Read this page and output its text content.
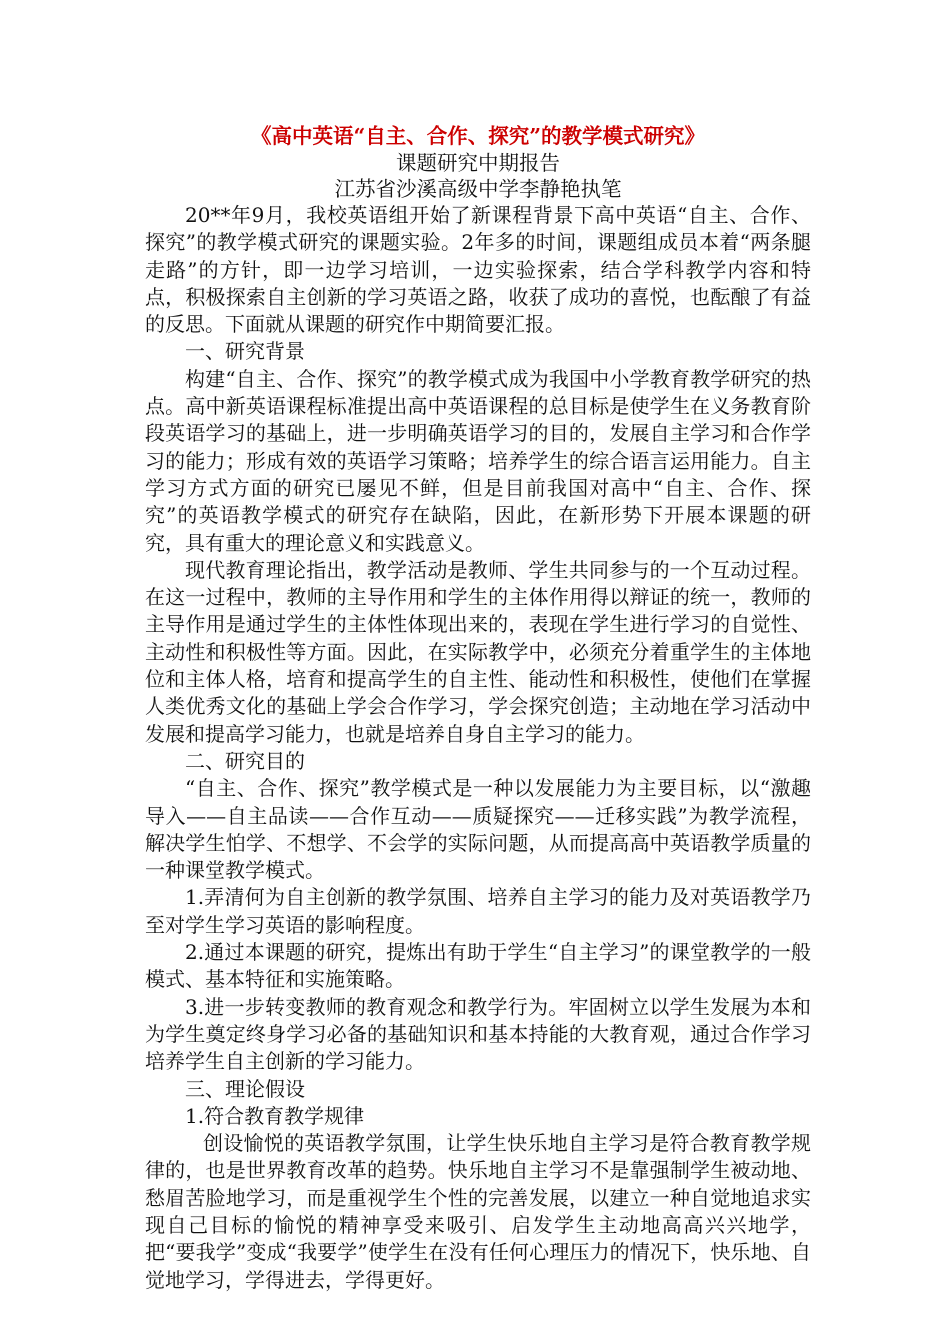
《高中英语“自主、合作、探究”的教学模式研究》
课题研究中期报告
江苏省沙溪高级中学李静艳执笔

20**年9月，我校英语组开始了新课程背景下高中英语“自主、合作、探究”的教学模式研究的课题实验。2年多的时间，课题组成员本着“两条腿走路”的方针，即一边学习培训，一边实验探索，结合学科教学内容和特点，积极探索自主创新的学习英语之路，收获了成功的喜悦，也酝酿了有益的反思。下面就从课题的研究作中期简要汇报。

一、研究背景

构建“自主、合作、探究”的教学模式成为我国中小学教育教学研究的热点。高中新英语课程标准提出高中英语课程的总目标是使学生在义务教育阶段英语学习的基础上，进一步明确英语学习的目的，发展自主学习和合作学习的能力；形成有效的英语学习策略；培养学生的综合语言运用能力。自主学习方式方面的研究已屡见不鲜，但是目前我国对高中“自主、合作、探究”的英语教学模式的研究存在缺陷，因此，在新形势下开展本课题的研究，具有重大的理论意义和实践意义。

现代教育理论指出，教学活动是教师、学生共同参与的一个互动过程。在这一过程中，教师的主导作用和学生的主体作用得以辩证的统一，教师的主导作用是通过学生的主体性体现出来的，表现在学生进行学习的自觉性、主动性和积极性等方面。因此，在实际教学中，必须充分着重学生的主体地位和主体人格，培育和提高学生的自主性、能动性和积极性，使他们在掌握人类优秀文化的基础上学会合作学习，学会探究创造；主动地在学习活动中发展和提高学习能力，也就是培养自身自主学习的能力。

二、研究目的

“自主、合作、探究”教学模式是一种以发展能力为主要目标，以“激趣导入——自主品读——合作互动——质疑探究——迁移实践”为教学流程，解决学生怕学、不想学、不会学的实际问题，从而提高高中英语教学质量的一种课堂教学模式。

1.弄清何为自主创新的教学氛围、培养自主学习的能力及对英语教学乃至对学生学习英语的影响程度。

2.通过本课题的研究，提炼出有助于学生“自主学习”的课堂教学的一般模式、基本特征和实施策略。

3.进一步转变教师的教育观念和教学行为。牢固树立以学生发展为本和为学生奠定终身学习必备的基础知识和基本持能的大教育观，通过合作学习培养学生自主创新的学习能力。

三、理论假设

1.符合教育教学规律

创设愉悦的英语教学氛围，让学生快乐地自主学习是符合教育教学规律的，也是世界教育改革的趋势。快乐地自主学习不是靠强制学生被动地、愁眉苦脸地学习，而是重视学生个性的完善发展，以建立一种自觉地追求实现自己目标的愉悦的精神享受来吸引、启发学生主动地高高兴兴地学，把“要我学”变成“我要学”使学生在没有任何心理压力的情况下，快乐地、自觉地学习，学得进去，学得更好。
